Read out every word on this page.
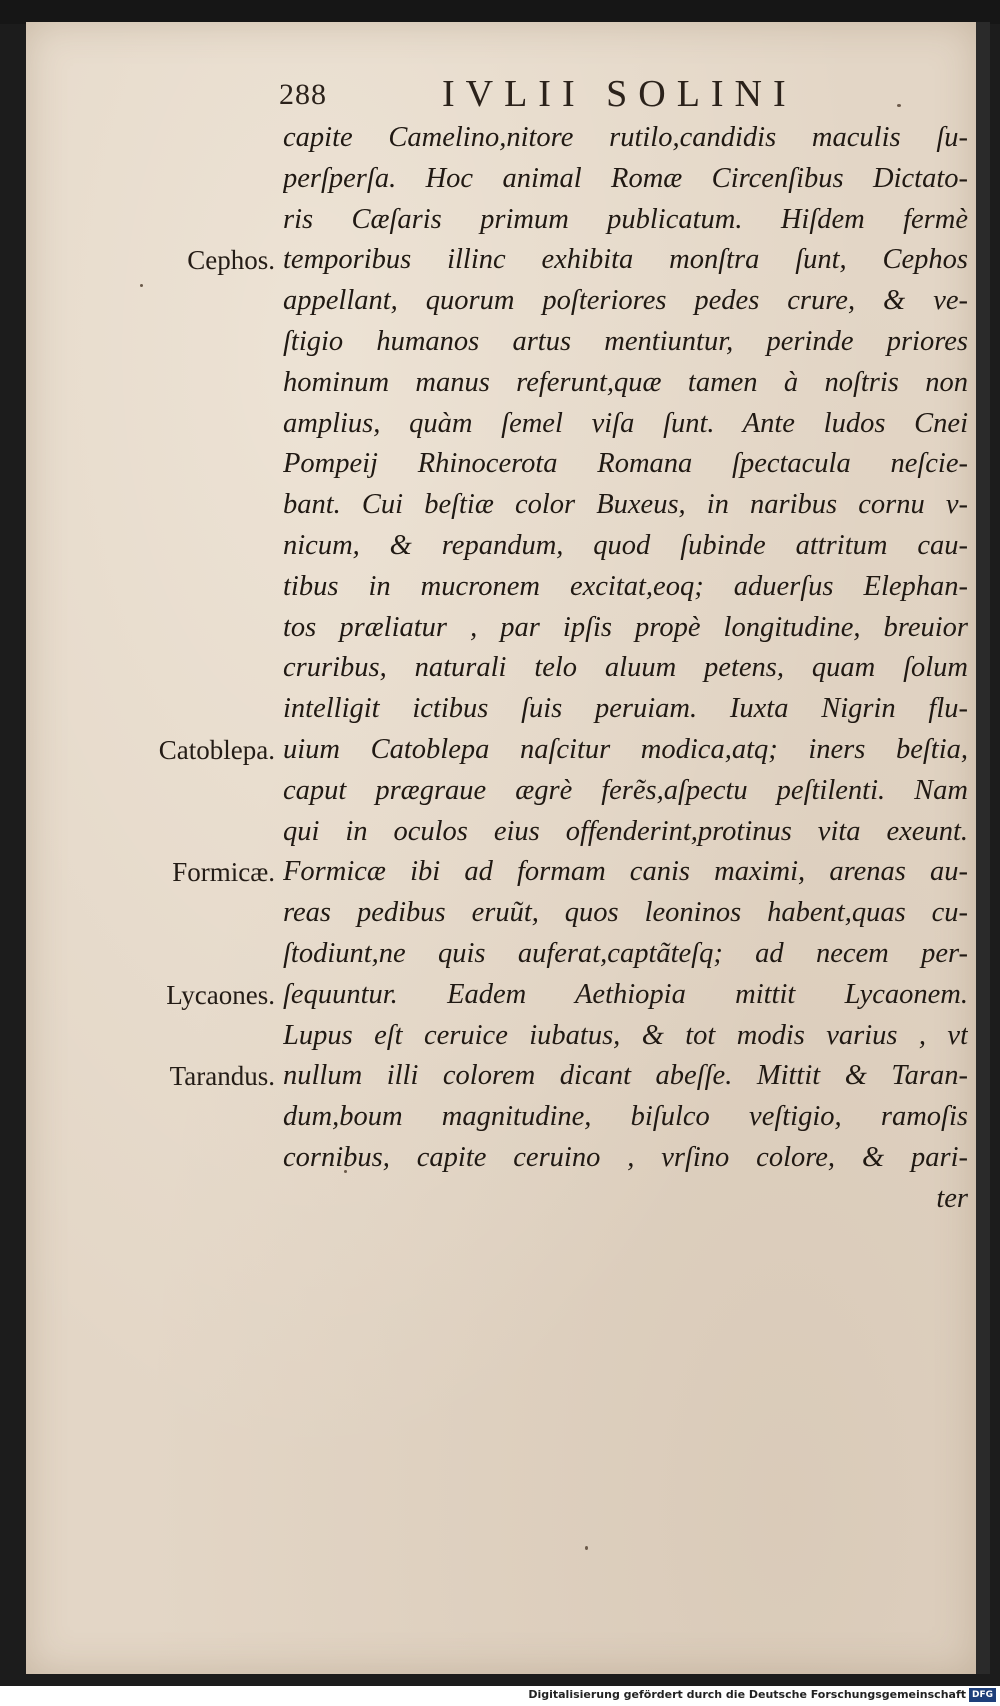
288	IVLII SOLINI
Cephos.
Catoblepa.
Formicæ.
Lycaones.
Tarandus.
capite Camelino,nitore rutilo,candidis maculis ſu-
perſperſa. Hoc animal Romæ Circenſibus Dictato-
ris Cæſaris primum publicatum. Hiſdem fermè
temporibus illinc exhibita monſtra ſunt, Cephos
appellant, quorum poſteriores pedes crure, & ve-
ſtigio humanos artus mentiuntur, perinde priores
hominum manus referunt,quæ tamen à noſtris non
amplius, quàm ſemel viſa ſunt. Ante ludos Cnei
Pompeij Rhinocerota Romana ſpectacula neſcie-
bant. Cui beſtiæ color Buxeus, in naribus cornu v-
nicum, & repandum, quod ſubinde attritum cau-
tibus in mucronem excitat,eoq; aduerſus Elephan-
tos præliatur , par ipſis propè longitudine, breuior
cruribus, naturali telo aluum petens, quam ſolum
intelligit ictibus ſuis peruiam. Iuxta Nigrin flu-
uium Catoblepa naſcitur modica,atq; iners beſtia,
caput prægraue ægrè ferẽs,aſpectu peſtilenti. Nam
qui in oculos eius offenderint,protinus vita exeunt.
Formicæ ibi ad formam canis maximi, arenas au-
reas pedibus eruũt, quos leoninos habent,quas cu-
ſtodiunt,ne quis auferat,captãteſq; ad necem per-
ſequuntur. Eadem Aethiopia mittit Lycaonem.
Lupus eſt ceruice iubatus, & tot modis varius , vt
nullum illi colorem dicant abeſſe. Mittit & Taran-
dum,boum magnitudine, biſulco veſtigio, ramoſis
cornibus, capite ceruino , vrſino colore, & pari-
ter
Digitalisierung gefördert durch die Deutsche Forschungsgemeinschaft DFG
